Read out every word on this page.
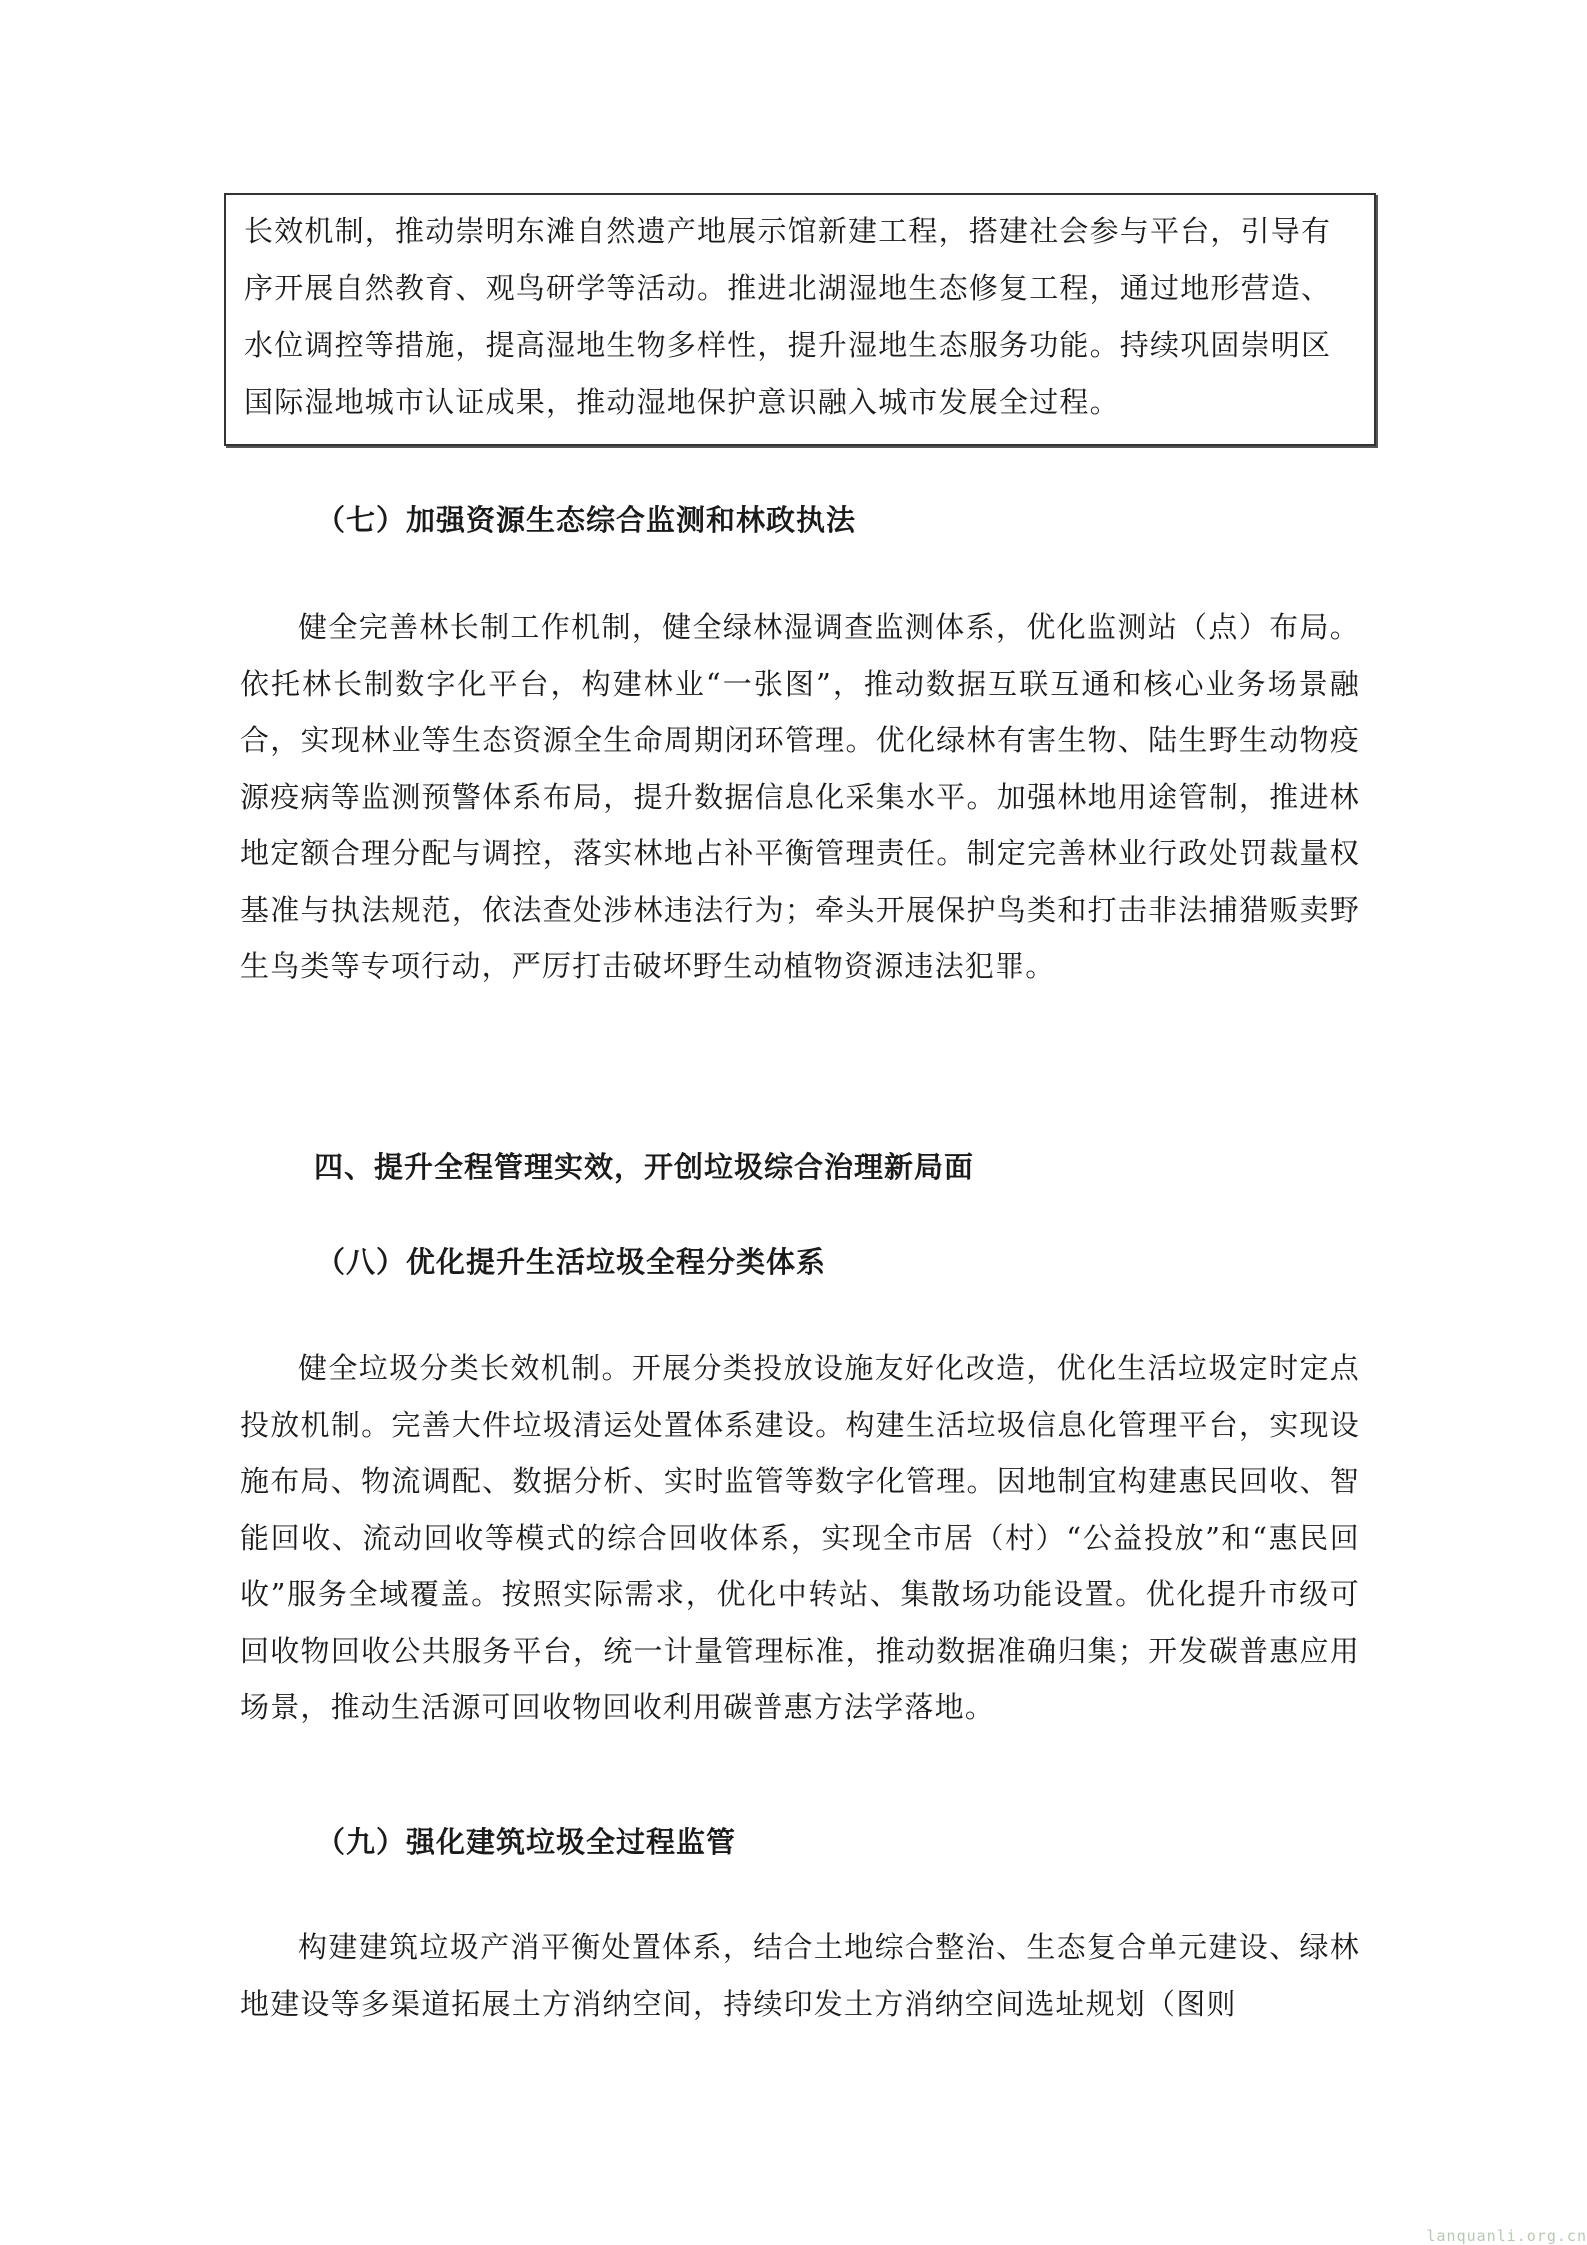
长效机制，推动崇明东滩自然遗产地展示馆新建工程，搭建社会参与平台，引导有序开展自然教育、观鸟研学等活动。推进北湖湿地生态修复工程，通过地形营造、水位调控等措施，提高湿地生物多样性，提升湿地生态服务功能。持续巩固崇明区国际湿地城市认证成果，推动湿地保护意识融入城市发展全过程。

（七）加强资源生态综合监测和林政执法

健全完善林长制工作机制，健全绿林湿调查监测体系，优化监测站（点）布局。依托林长制数字化平台，构建林业“一张图”，推动数据互联互通和核心业务场景融合，实现林业等生态资源全生命周期闭环管理。优化绿林有害生物、陆生野生动物疫源疫病等监测预警体系布局，提升数据信息化采集水平。加强林地用途管制，推进林地定额合理分配与调控，落实林地占补平衡管理责任。制定完善林业行政处罚裁量权基准与执法规范，依法查处涉林违法行为；牵头开展保护鸟类和打击非法捕猎贩卖野生鸟类等专项行动，严厉打击破坏野生动植物资源违法犯罪。

四、提升全程管理实效，开创垃圾综合治理新局面
（八）优化提升生活垃圾全程分类体系

健全垃圾分类长效机制。开展分类投放设施友好化改造，优化生活垃圾定时定点投放机制。完善大件垃圾清运处置体系建设。构建生活垃圾信息化管理平台，实现设施布局、物流调配、数据分析、实时监管等数字化管理。因地制宜构建惠民回收、智能回收、流动回收等模式的综合回收体系，实现全市居（村）“公益投放”和“惠民回收”服务全域覆盖。按照实际需求，优化中转站、集散场功能设置。优化提升市级可回收物回收公共服务平台，统一计量管理标准，推动数据准确归集；开发碳普惠应用场景，推动生活源可回收物回收利用碳普惠方法学落地。

（九）强化建筑垃圾全过程监管

构建建筑垃圾产消平衡处置体系，结合土地综合整治、生态复合单元建设、绿林地建设等多渠道拓展土方消纳空间，持续印发土方消纳空间选址规划（图则

lanquanli.org.cn
